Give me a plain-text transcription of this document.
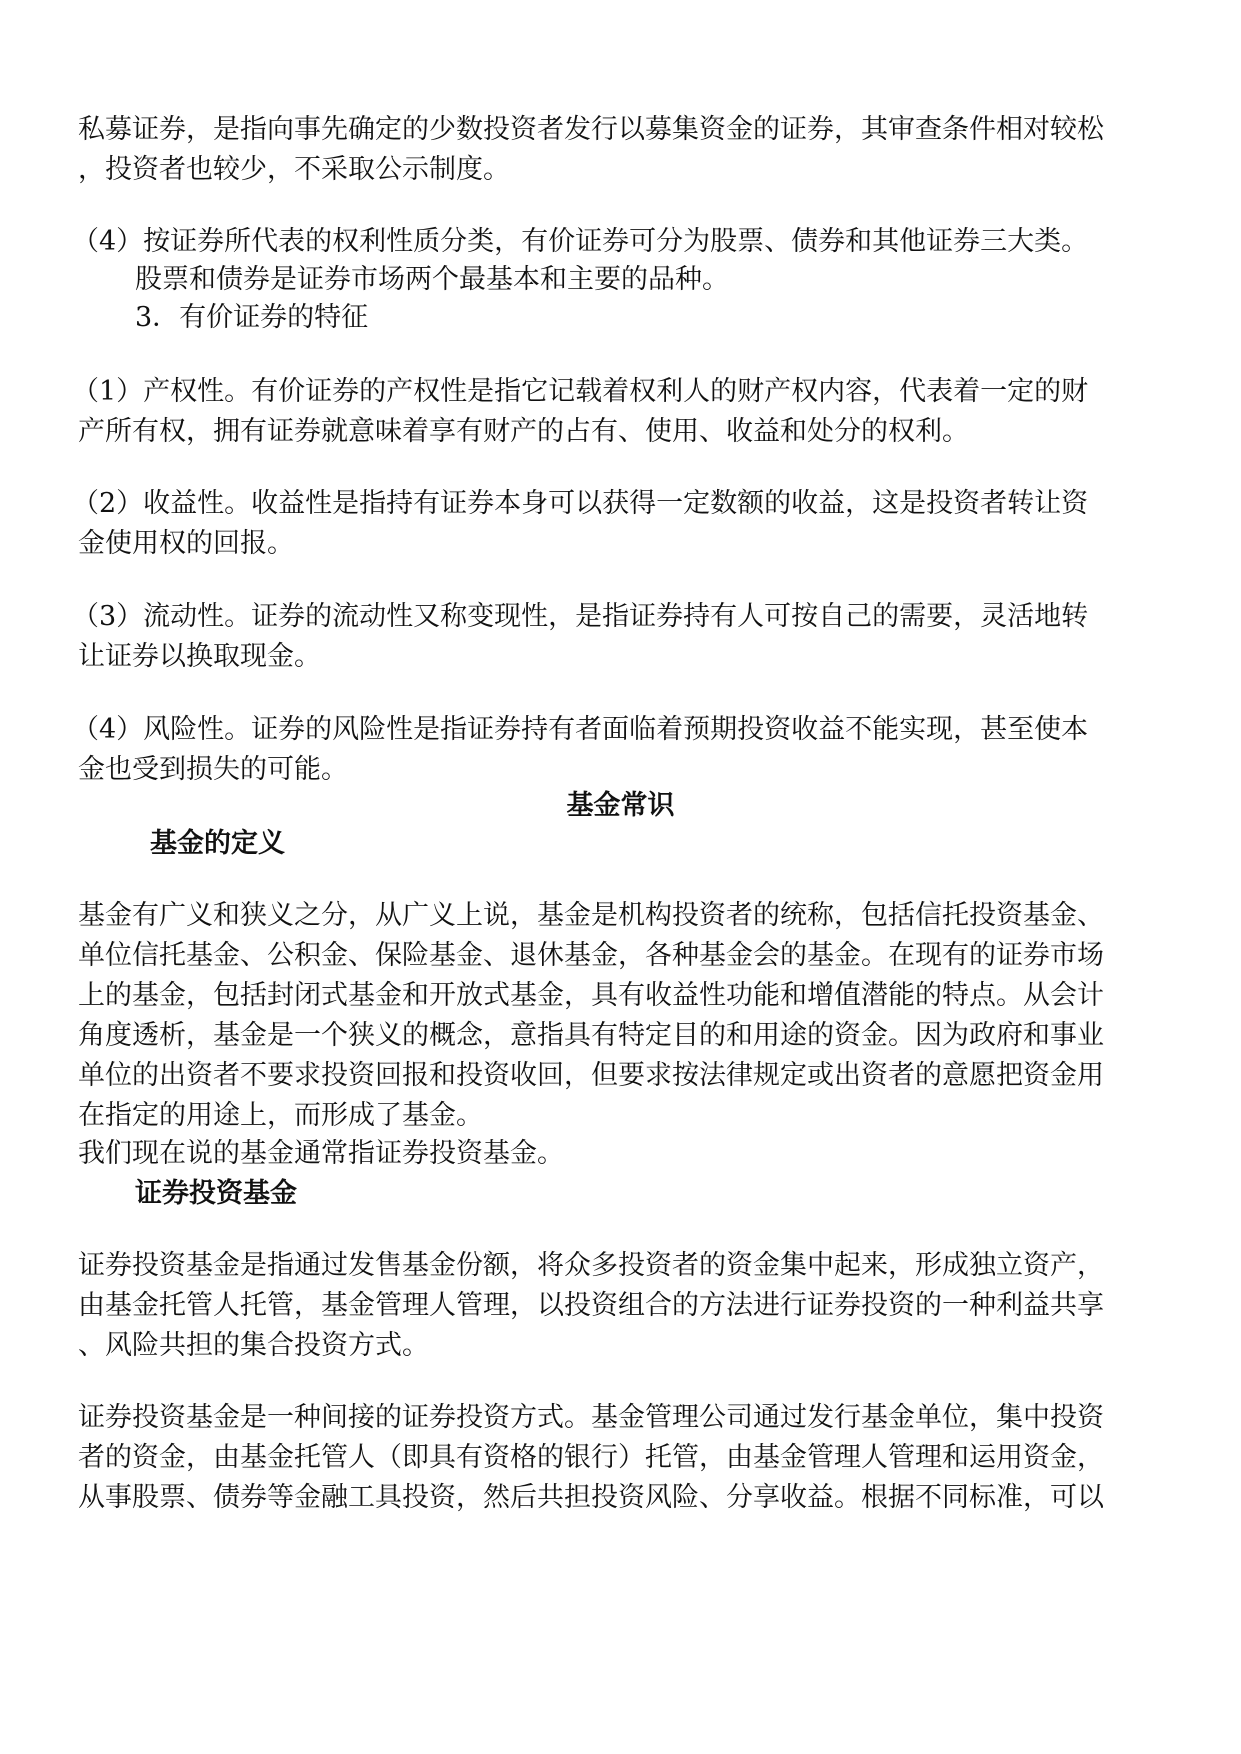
私募证券，是指向事先确定的少数投资者发行以募集资金的证券，其审查条件相对较松
，投资者也较少，不采取公示制度。
（4）按证券所代表的权利性质分类，有价证券可分为股票、债券和其他证券三大类。
股票和债券是证券市场两个最基本和主要的品种。
3．有价证券的特征
（1）产权性。有价证券的产权性是指它记载着权利人的财产权内容，代表着一定的财
产所有权，拥有证券就意味着享有财产的占有、使用、收益和处分的权利。
（2）收益性。收益性是指持有证券本身可以获得一定数额的收益，这是投资者转让资
金使用权的回报。
（3）流动性。证券的流动性又称变现性，是指证券持有人可按自己的需要，灵活地转
让证券以换取现金。
（4）风险性。证券的风险性是指证券持有者面临着预期投资收益不能实现，甚至使本
金也受到损失的可能。
基金常识
基金的定义
基金有广义和狭义之分，从广义上说，基金是机构投资者的统称，包括信托投资基金、
单位信托基金、公积金、保险基金、退休基金，各种基金会的基金。在现有的证券市场
上的基金，包括封闭式基金和开放式基金，具有收益性功能和增值潜能的特点。从会计
角度透析，基金是一个狭义的概念，意指具有特定目的和用途的资金。因为政府和事业
单位的出资者不要求投资回报和投资收回，但要求按法律规定或出资者的意愿把资金用
在指定的用途上，而形成了基金。
我们现在说的基金通常指证券投资基金。
证券投资基金
证券投资基金是指通过发售基金份额，将众多投资者的资金集中起来，形成独立资产，
由基金托管人托管，基金管理人管理，以投资组合的方法进行证券投资的一种利益共享
、风险共担的集合投资方式。
证券投资基金是一种间接的证券投资方式。基金管理公司通过发行基金单位，集中投资
者的资金，由基金托管人（即具有资格的银行）托管，由基金管理人管理和运用资金，
从事股票、债券等金融工具投资，然后共担投资风险、分享收益。根据不同标准，可以
